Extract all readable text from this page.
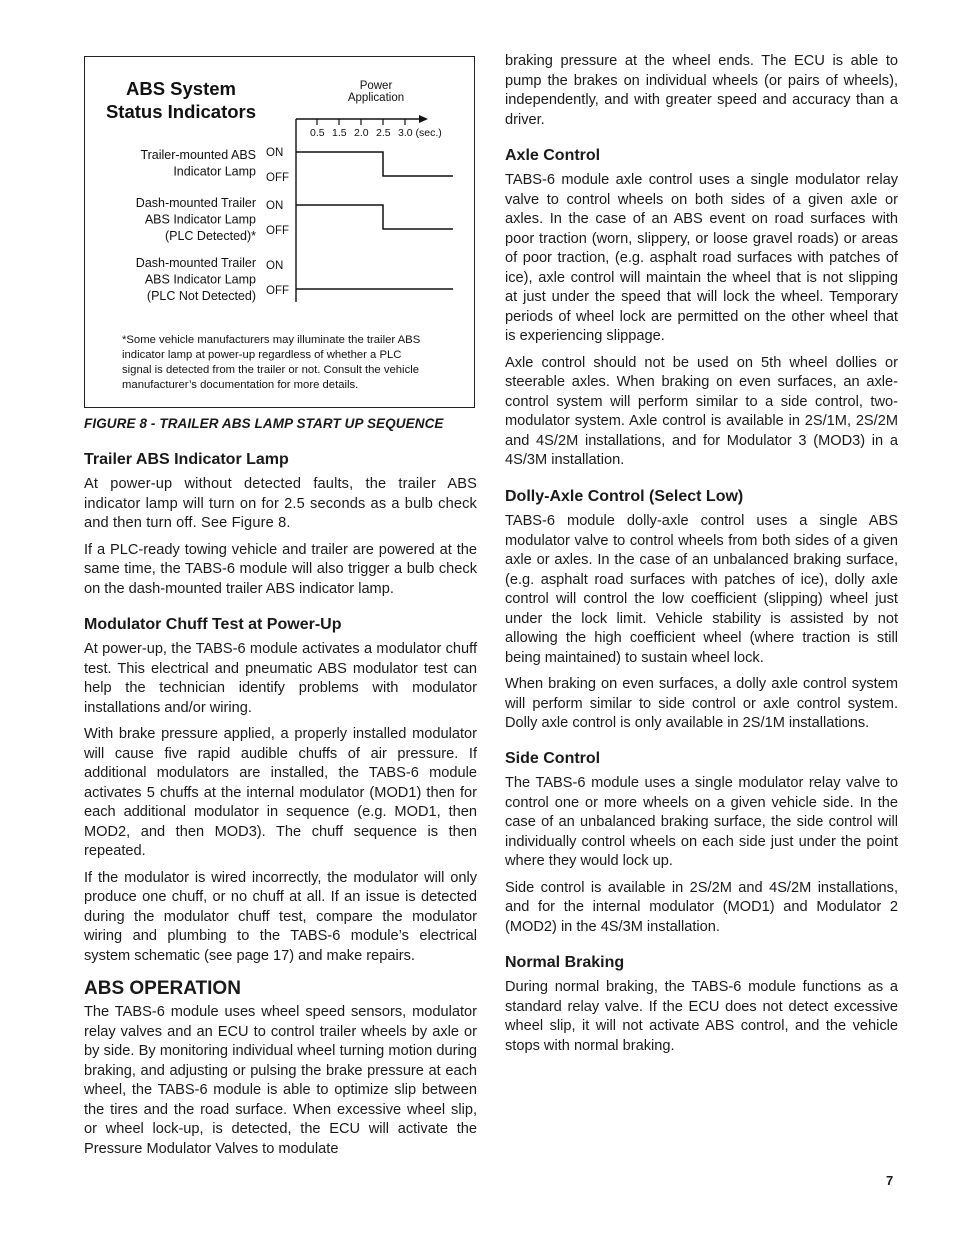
ABS System
Status Indicators
Power
Application
0.5 1.5 2.0 2.5 3.0 (sec.)
Trailer-mounted ABS
Indicator Lamp
ON
OFF
Dash-mounted Trailer
ABS Indicator Lamp
(PLC Detected)*
ON
OFF
Dash-mounted Trailer
ABS Indicator Lamp
(PLC Not Detected)
ON
OFF
*Some vehicle manufacturers may illuminate the trailer ABS
indicator lamp at power-up regardless of whether a PLC
signal is detected from the trailer or not. Consult the vehicle
manufacturer’s documentation for more details.
FIGURE 8 - TRAILER ABS LAMP START UP SEQUENCE
Trailer ABS Indicator Lamp

At power-up without detected faults, the trailer ABS indicator lamp will turn on for 2.5 seconds as a bulb check and then turn off. See Figure 8.

If a PLC-ready towing vehicle and trailer are powered at the same time, the TABS-6 module will also trigger a bulb check on the dash-mounted trailer ABS indicator lamp.

Modulator Chuff Test at Power-Up

At power-up, the TABS-6 module activates a modulator chuff test. This electrical and pneumatic ABS modulator test can help the technician identify problems with modulator installations and/or wiring.

With brake pressure applied, a properly installed modulator will cause five rapid audible chuffs of air pressure. If additional modulators are installed, the TABS-6 module activates 5 chuffs at the internal modulator (MOD1) then for each additional modulator in sequence (e.g. MOD1, then MOD2, and then MOD3). The chuff sequence is then repeated.

If the modulator is wired incorrectly, the modulator will only produce one chuff, or no chuff at all. If an issue is detected during the modulator chuff test, compare the modulator wiring and plumbing to the TABS-6 module’s electrical system schematic (see page 17) and make repairs.

ABS OPERATION

The TABS-6 module uses wheel speed sensors, modulator relay valves and an ECU to control trailer wheels by axle or by side. By monitoring individual wheel turning motion during braking, and adjusting or pulsing the brake pressure at each wheel, the TABS-6 module is able to optimize slip between the tires and the road surface. When excessive wheel slip, or wheel lock-up, is detected, the ECU will activate the Pressure Modulator Valves to modulate

braking pressure at the wheel ends. The ECU is able to pump the brakes on individual wheels (or pairs of wheels), independently, and with greater speed and accuracy than a driver.

Axle Control

TABS-6 module axle control uses a single modulator relay valve to control wheels on both sides of a given axle or axles. In the case of an ABS event on road surfaces with poor traction (worn, slippery, or loose gravel roads) or areas of poor traction, (e.g. asphalt road surfaces with patches of ice), axle control will maintain the wheel that is not slipping at just under the speed that will lock the wheel. Temporary periods of wheel lock are permitted on the other wheel that is experiencing slippage.

Axle control should not be used on 5th wheel dollies or steerable axles. When braking on even surfaces, an axle-control system will perform similar to a side control, two-modulator system. Axle control is available in 2S/1M, 2S/2M and 4S/2M installations, and for Modulator 3 (MOD3) in a 4S/3M installation.

Dolly-Axle Control (Select Low)

TABS-6 module dolly-axle control uses a single ABS modulator valve to control wheels from both sides of a given axle or axles. In the case of an unbalanced braking surface, (e.g. asphalt road surfaces with patches of ice), dolly axle control will control the low coefficient (slipping) wheel just under the lock limit. Vehicle stability is assisted by not allowing the high coefficient wheel (where traction is still being maintained) to sustain wheel lock.

When braking on even surfaces, a dolly axle control system will perform similar to side control or axle control system. Dolly axle control is only available in 2S/1M installations.

Side Control

The TABS-6 module uses a single modulator relay valve to control one or more wheels on a given vehicle side. In the case of an unbalanced braking surface, the side control will individually control wheels on each side just under the point where they would lock up.

Side control is available in 2S/2M and 4S/2M installations, and for the internal modulator (MOD1) and Modulator 2 (MOD2) in the 4S/3M installation.

Normal Braking

During normal braking, the TABS-6 module functions as a standard relay valve. If the ECU does not detect excessive wheel slip, it will not activate ABS control, and the vehicle stops with normal braking.

7
